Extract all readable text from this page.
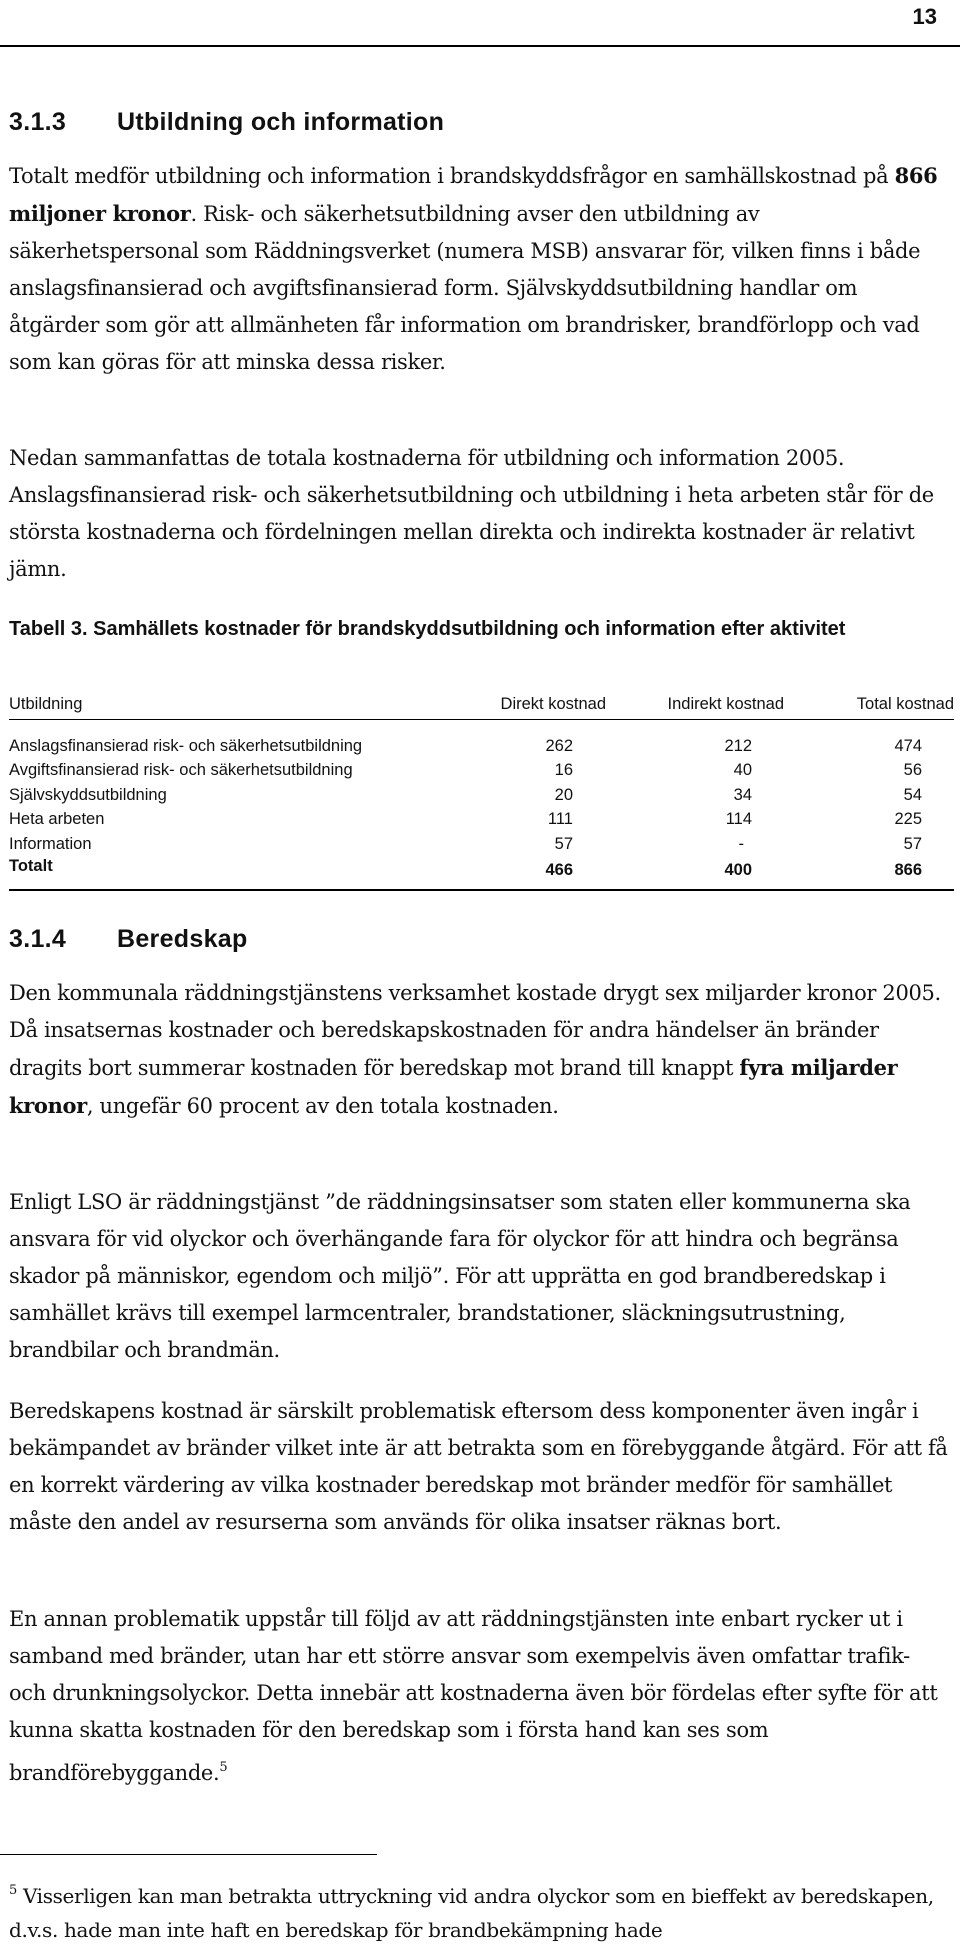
13
3.1.3 Utbildning och information

Totalt medför utbildning och information i brandskyddsfrågor en samhällskostnad på 866 miljoner kronor. Risk- och säkerhetsutbildning avser den utbildning av säkerhetspersonal som Räddningsverket (numera MSB) ansvarar för, vilken finns i både anslagsfinansierad och avgiftsfinansierad form. Självskyddsutbildning handlar om åtgärder som gör att allmänheten får information om brandrisker, brandförlopp och vad som kan göras för att minska dessa risker.

Nedan sammanfattas de totala kostnaderna för utbildning och information 2005. Anslagsfinansierad risk- och säkerhetsutbildning och utbildning i heta arbeten står för de största kostnaderna och fördelningen mellan direkta och indirekta kostnader är relativt jämn.

Tabell 3. Samhällets kostnader för brandskyddsutbildning och information efter aktivitet

Utbildning	Direkt kostnad	Indirekt kostnad	Total kostnad

Anslagsfinansierad risk- och säkerhetsutbildning	262	212	474
Avgiftsfinansierad risk- och säkerhetsutbildning	16	40	56
Självskyddsutbildning	20	34	54
Heta arbeten	111	114	225
Information	57	-	57
Totalt	466	400	866

3.1.4 Beredskap

Den kommunala räddningstjänstens verksamhet kostade drygt sex miljarder kronor 2005. Då insatsernas kostnader och beredskapskostnaden för andra händelser än bränder dragits bort summerar kostnaden för beredskap mot brand till knappt fyra miljarder kronor, ungefär 60 procent av den totala kostnaden.

Enligt LSO är räddningstjänst ”de räddningsinsatser som staten eller kommunerna ska ansvara för vid olyckor och överhängande fara för olyckor för att hindra och begränsa skador på människor, egendom och miljö”. För att upprätta en god brandberedskap i samhället krävs till exempel larmcentraler, brandstationer, släckningsutrustning, brandbilar och brandmän.

Beredskapens kostnad är särskilt problematisk eftersom dess komponenter även ingår i bekämpandet av bränder vilket inte är att betrakta som en förebyggande åtgärd. För att få en korrekt värdering av vilka kostnader beredskap mot bränder medför för samhället måste den andel av resurserna som används för olika insatser räknas bort.

En annan problematik uppstår till följd av att räddningstjänsten inte enbart rycker ut i samband med bränder, utan har ett större ansvar som exempelvis även omfattar trafik- och drunkningsolyckor. Detta innebär att kostnaderna även bör fördelas efter syfte för att kunna skatta kostnaden för den beredskap som i första hand kan ses som brandförebyggande.$^5$

$^5$ Visserligen kan man betrakta uttryckning vid andra olyckor som en bieffekt av beredskapen, d.v.s. hade man inte haft en beredskap för brandbekämpning hade
